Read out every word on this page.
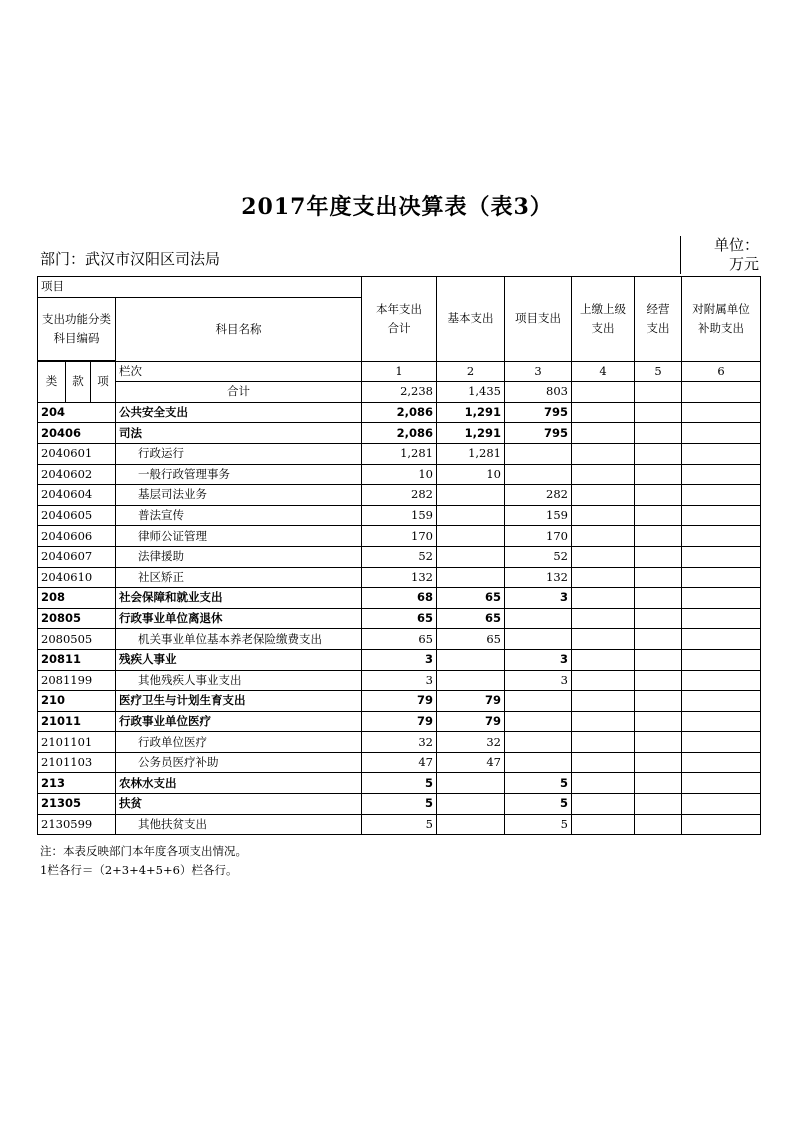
2017年度支出决算表（表3）
部门：武汉市汉阳区司法局
单位：
万元
项目				本年支出合计	基本支出	项目支出	上缴上级支出	经营支出	对附属单位补助支出
支出功能分类科目编码			科目名称						

类	款	项	栏次	1	2	3	4	5	6
			合计	2,238	1,435	803			
204			公共安全支出	2,086	1,291	795			
20406			司法	2,086	1,291	795			
2040601			行政运行	1,281	1,281				
2040602			一般行政管理事务	10	10				
2040604			基层司法业务	282		282			
2040605			普法宣传	159		159			
2040606			律师公证管理	170		170			
2040607			法律援助	52		52			
2040610			社区矫正	132		132			
208			社会保障和就业支出	68	65	3			
20805			行政事业单位离退休	65	65				
2080505			机关事业单位基本养老保险缴费支出	65	65				
20811			残疾人事业	3		3			
2081199			其他残疾人事业支出	3		3			
210			医疗卫生与计划生育支出	79	79				
21011			行政事业单位医疗	79	79				
2101101			行政单位医疗	32	32				
2101103			公务员医疗补助	47	47				
213			农林水支出	5		5			
21305			扶贫	5		5			
2130599			其他扶贫支出	5		5			
注：本表反映部门本年度各项支出情况。
1栏各行＝（2+3+4+5+6）栏各行。
